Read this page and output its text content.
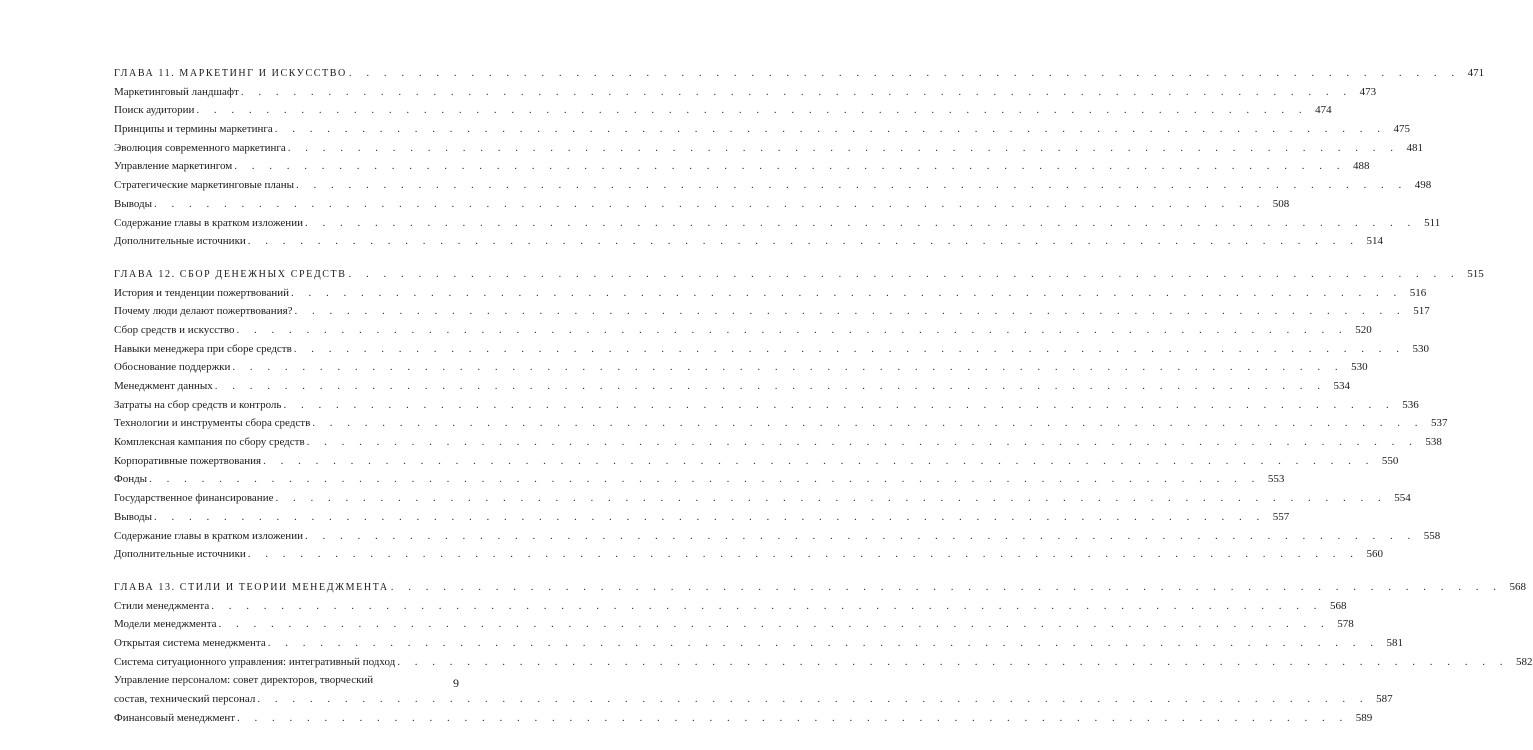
ГЛАВА 11. МАРКЕТИНГ И ИСКУССТВО . . .	471
Маркетинговый ландшафт . . .	473
Поиск аудитории . . .	474
Принципы и термины маркетинга . . .	475
Эволюция современного маркетинга . . .	481
Управление маркетингом . . .	488
Стратегические маркетинговые планы . . .	498
Выводы . . .	508
Содержание главы в кратком изложении . . .	511
Дополнительные источники . . .	514
ГЛАВА 12. СБОР ДЕНЕЖНЫХ СРЕДСТВ . . .	515
История и тенденции пожертвований . . .	516
Почему люди делают пожертвования? . . .	517
Сбор средств и искусство . . .	520
Навыки менеджера при сборе средств . . .	530
Обоснование поддержки . . .	530
Менеджмент данных . . .	534
Затраты на сбор средств и контроль . . .	536
Технологии и инструменты сбора средств . . .	537
Комплексная кампания по сбору средств . . .	538
Корпоративные пожертвования . . .	550
Фонды . . .	553
Государственное финансирование . . .	554
Выводы . . .	557
Содержание главы в кратком изложении . . .	558
Дополнительные источники . . .	560
ГЛАВА 13. СТИЛИ И ТЕОРИИ МЕНЕДЖМЕНТА . . .	568
Стили менеджмента . . .	568
Модели менеджмента . . .	578
Открытая система менеджмента . . .	581
Система ситуационного управления: интегративный подход . . .	582
Управление персоналом: совет директоров, творческий
состав, технический персонал . . .	587
Финансовый менеджмент . . .	589
9
